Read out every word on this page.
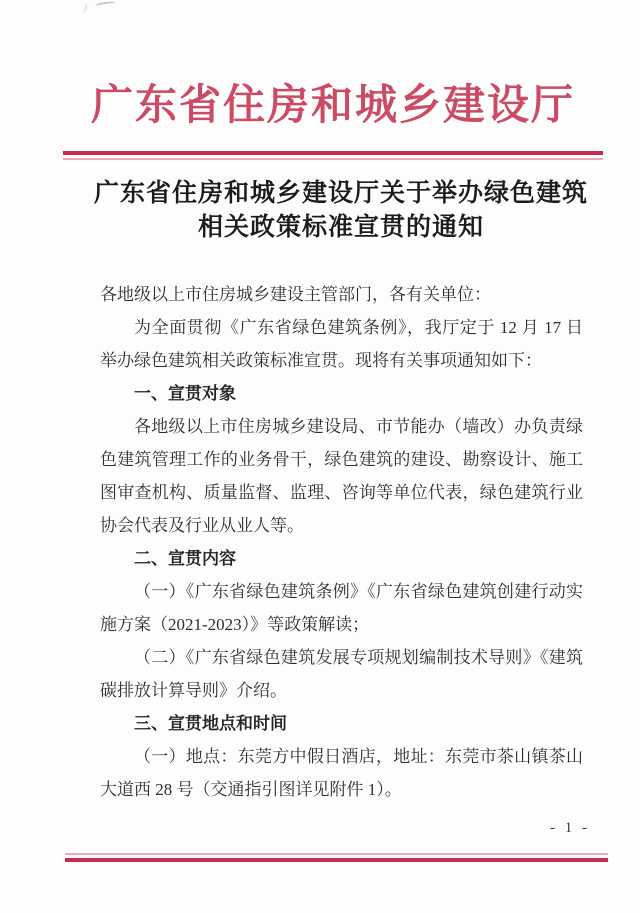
广东省住房和城乡建设厅
广东省住房和城乡建设厅关于举办绿色建筑
相关政策标准宣贯的通知

各地级以上市住房城乡建设主管部门，各有关单位：

为全面贯彻《广东省绿色建筑条例》，我厅定于 12 月 17 日举办绿色建筑相关政策标准宣贯。现将有关事项通知如下：

一、宣贯对象

各地级以上市住房城乡建设局、市节能办（墙改）办负责绿色建筑管理工作的业务骨干，绿色建筑的建设、勘察设计、施工图审查机构、质量监督、监理、咨询等单位代表，绿色建筑行业协会代表及行业从业人等。

二、宣贯内容

（一）《广东省绿色建筑条例》《广东省绿色建筑创建行动实施方案（2021-2023）》等政策解读；

（二）《广东省绿色建筑发展专项规划编制技术导则》《建筑碳排放计算导则》介绍。

三、宣贯地点和时间

（一）地点：东莞方中假日酒店，地址：东莞市茶山镇茶山大道西 28 号（交通指引图详见附件 1）。

- 1 -
